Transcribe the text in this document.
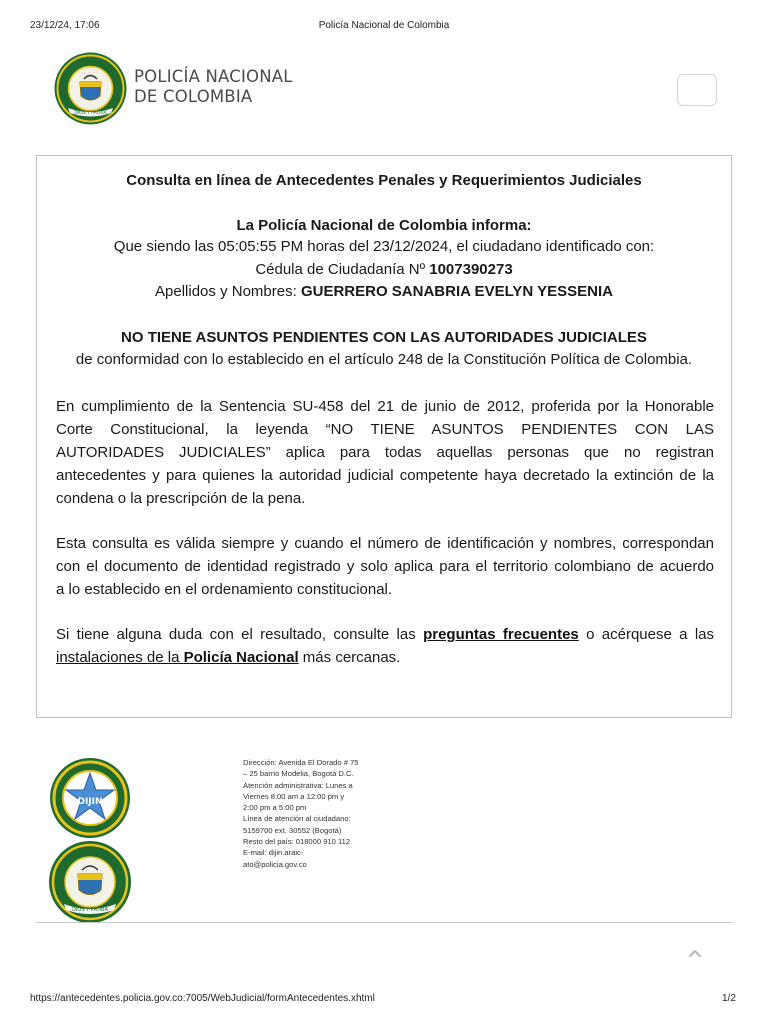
23/12/24, 17:06	Policía Nacional de Colombia
DIOS Y PATRIA
POLICÍA NACIONAL
DE COLOMBIA
Consulta en línea de Antecedentes Penales y Requerimientos Judiciales
La Policía Nacional de Colombia informa:
Que siendo las 05:05:55 PM horas del 23/12/2024, el ciudadano identificado con:
Cédula de Ciudadanía Nº 1007390273
Apellidos y Nombres: GUERRERO SANABRIA EVELYN YESSENIA
NO TIENE ASUNTOS PENDIENTES CON LAS AUTORIDADES JUDICIALES
de conformidad con lo establecido en el artículo 248 de la Constitución Política de Colombia.
En cumplimiento de la Sentencia SU-458 del 21 de junio de 2012, proferida por la Honorable
Corte Constitucional, la leyenda “NO TIENE ASUNTOS PENDIENTES CON LAS
AUTORIDADES JUDICIALES” aplica para todas aquellas personas que no registran
antecedentes y para quienes la autoridad judicial competente haya decretado la extinción de la
condena o la prescripción de la pena.
Esta consulta es válida siempre y cuando el número de identificación y nombres, correspondan
con el documento de identidad registrado y solo aplica para el territorio colombiano de acuerdo
a lo establecido en el ordenamiento constitucional.
Si tiene alguna duda con el resultado, consulte las preguntas frecuentes o acérquese a las
instalaciones de la Policía Nacional más cercanas.
DIJIN
DIOS Y PATRIA
Dirección: Avenida El Dorado # 75
– 25 barrio Modelia, Bogotá D.C.
Atención administrativa: Lunes a
Viernes 8:00 am a 12:00 pm y
2:00 pm a 5:00 pm
Línea de atención al ciudadano:
5159700 ext. 30552 (Bogotá)
Resto del país: 018000 910 112
E-mail: dijin.araic-
ato@policia.gov.co
https://antecedentes.policia.gov.co:7005/WebJudicial/formAntecedentes.xhtml	1/2
